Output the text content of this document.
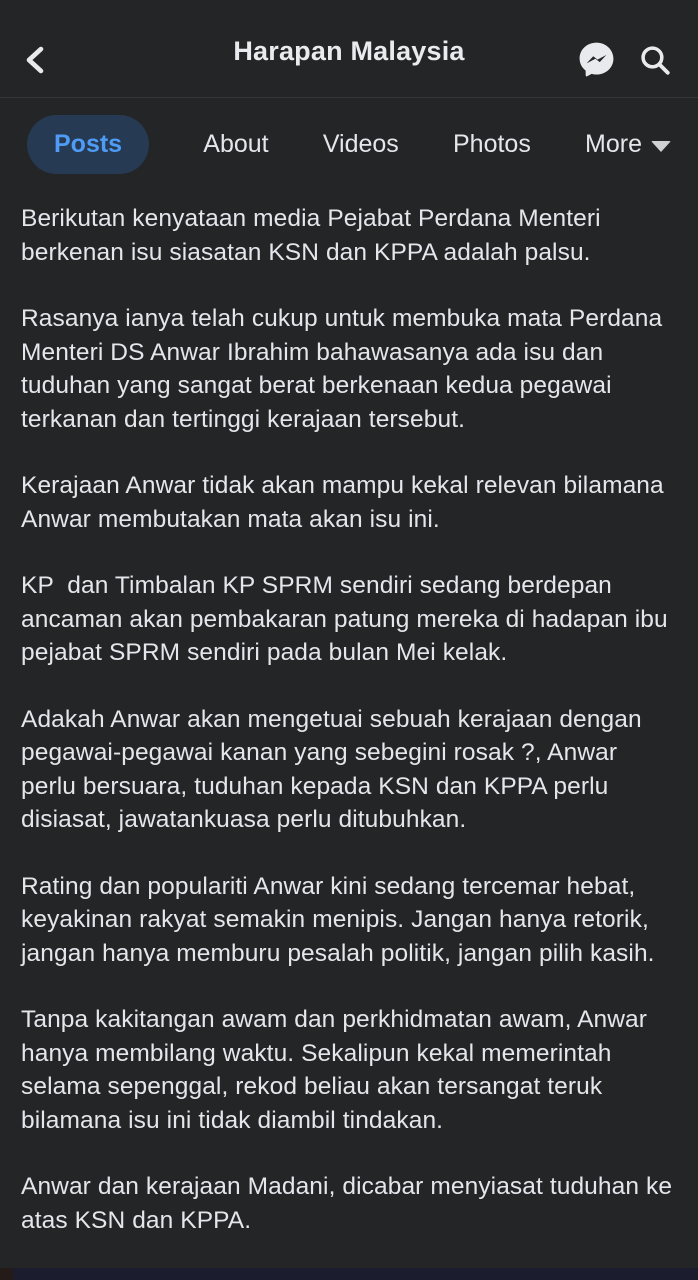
Harapan Malaysia
Posts	About Videos Photos More

Berikutan kenyataan media Pejabat Perdana Menteri berkenan isu siasatan KSN dan KPPA adalah palsu.

Rasanya ianya telah cukup untuk membuka mata Perdana Menteri DS Anwar Ibrahim bahawasanya ada isu dan tuduhan yang sangat berat berkenaan kedua pegawai terkanan dan tertinggi kerajaan tersebut.

Kerajaan Anwar tidak akan mampu kekal relevan bilamana Anwar membutakan mata akan isu ini.

KP  dan Timbalan KP SPRM sendiri sedang berdepan ancaman akan pembakaran patung mereka di hadapan ibu pejabat SPRM sendiri pada bulan Mei kelak.

Adakah Anwar akan mengetuai sebuah kerajaan dengan pegawai-pegawai kanan yang sebegini rosak ?, Anwar perlu bersuara, tuduhan kepada KSN dan KPPA perlu disiasat, jawatankuasa perlu ditubuhkan.

Rating dan populariti Anwar kini sedang tercemar hebat, keyakinan rakyat semakin menipis. Jangan hanya retorik, jangan hanya memburu pesalah politik, jangan pilih kasih.

Tanpa kakitangan awam dan perkhidmatan awam, Anwar hanya membilang waktu. Sekalipun kekal memerintah selama sepenggal, rekod beliau akan tersangat teruk bilamana isu ini tidak diambil tindakan.

Anwar dan kerajaan Madani, dicabar menyiasat tuduhan ke atas KSN dan KPPA.
